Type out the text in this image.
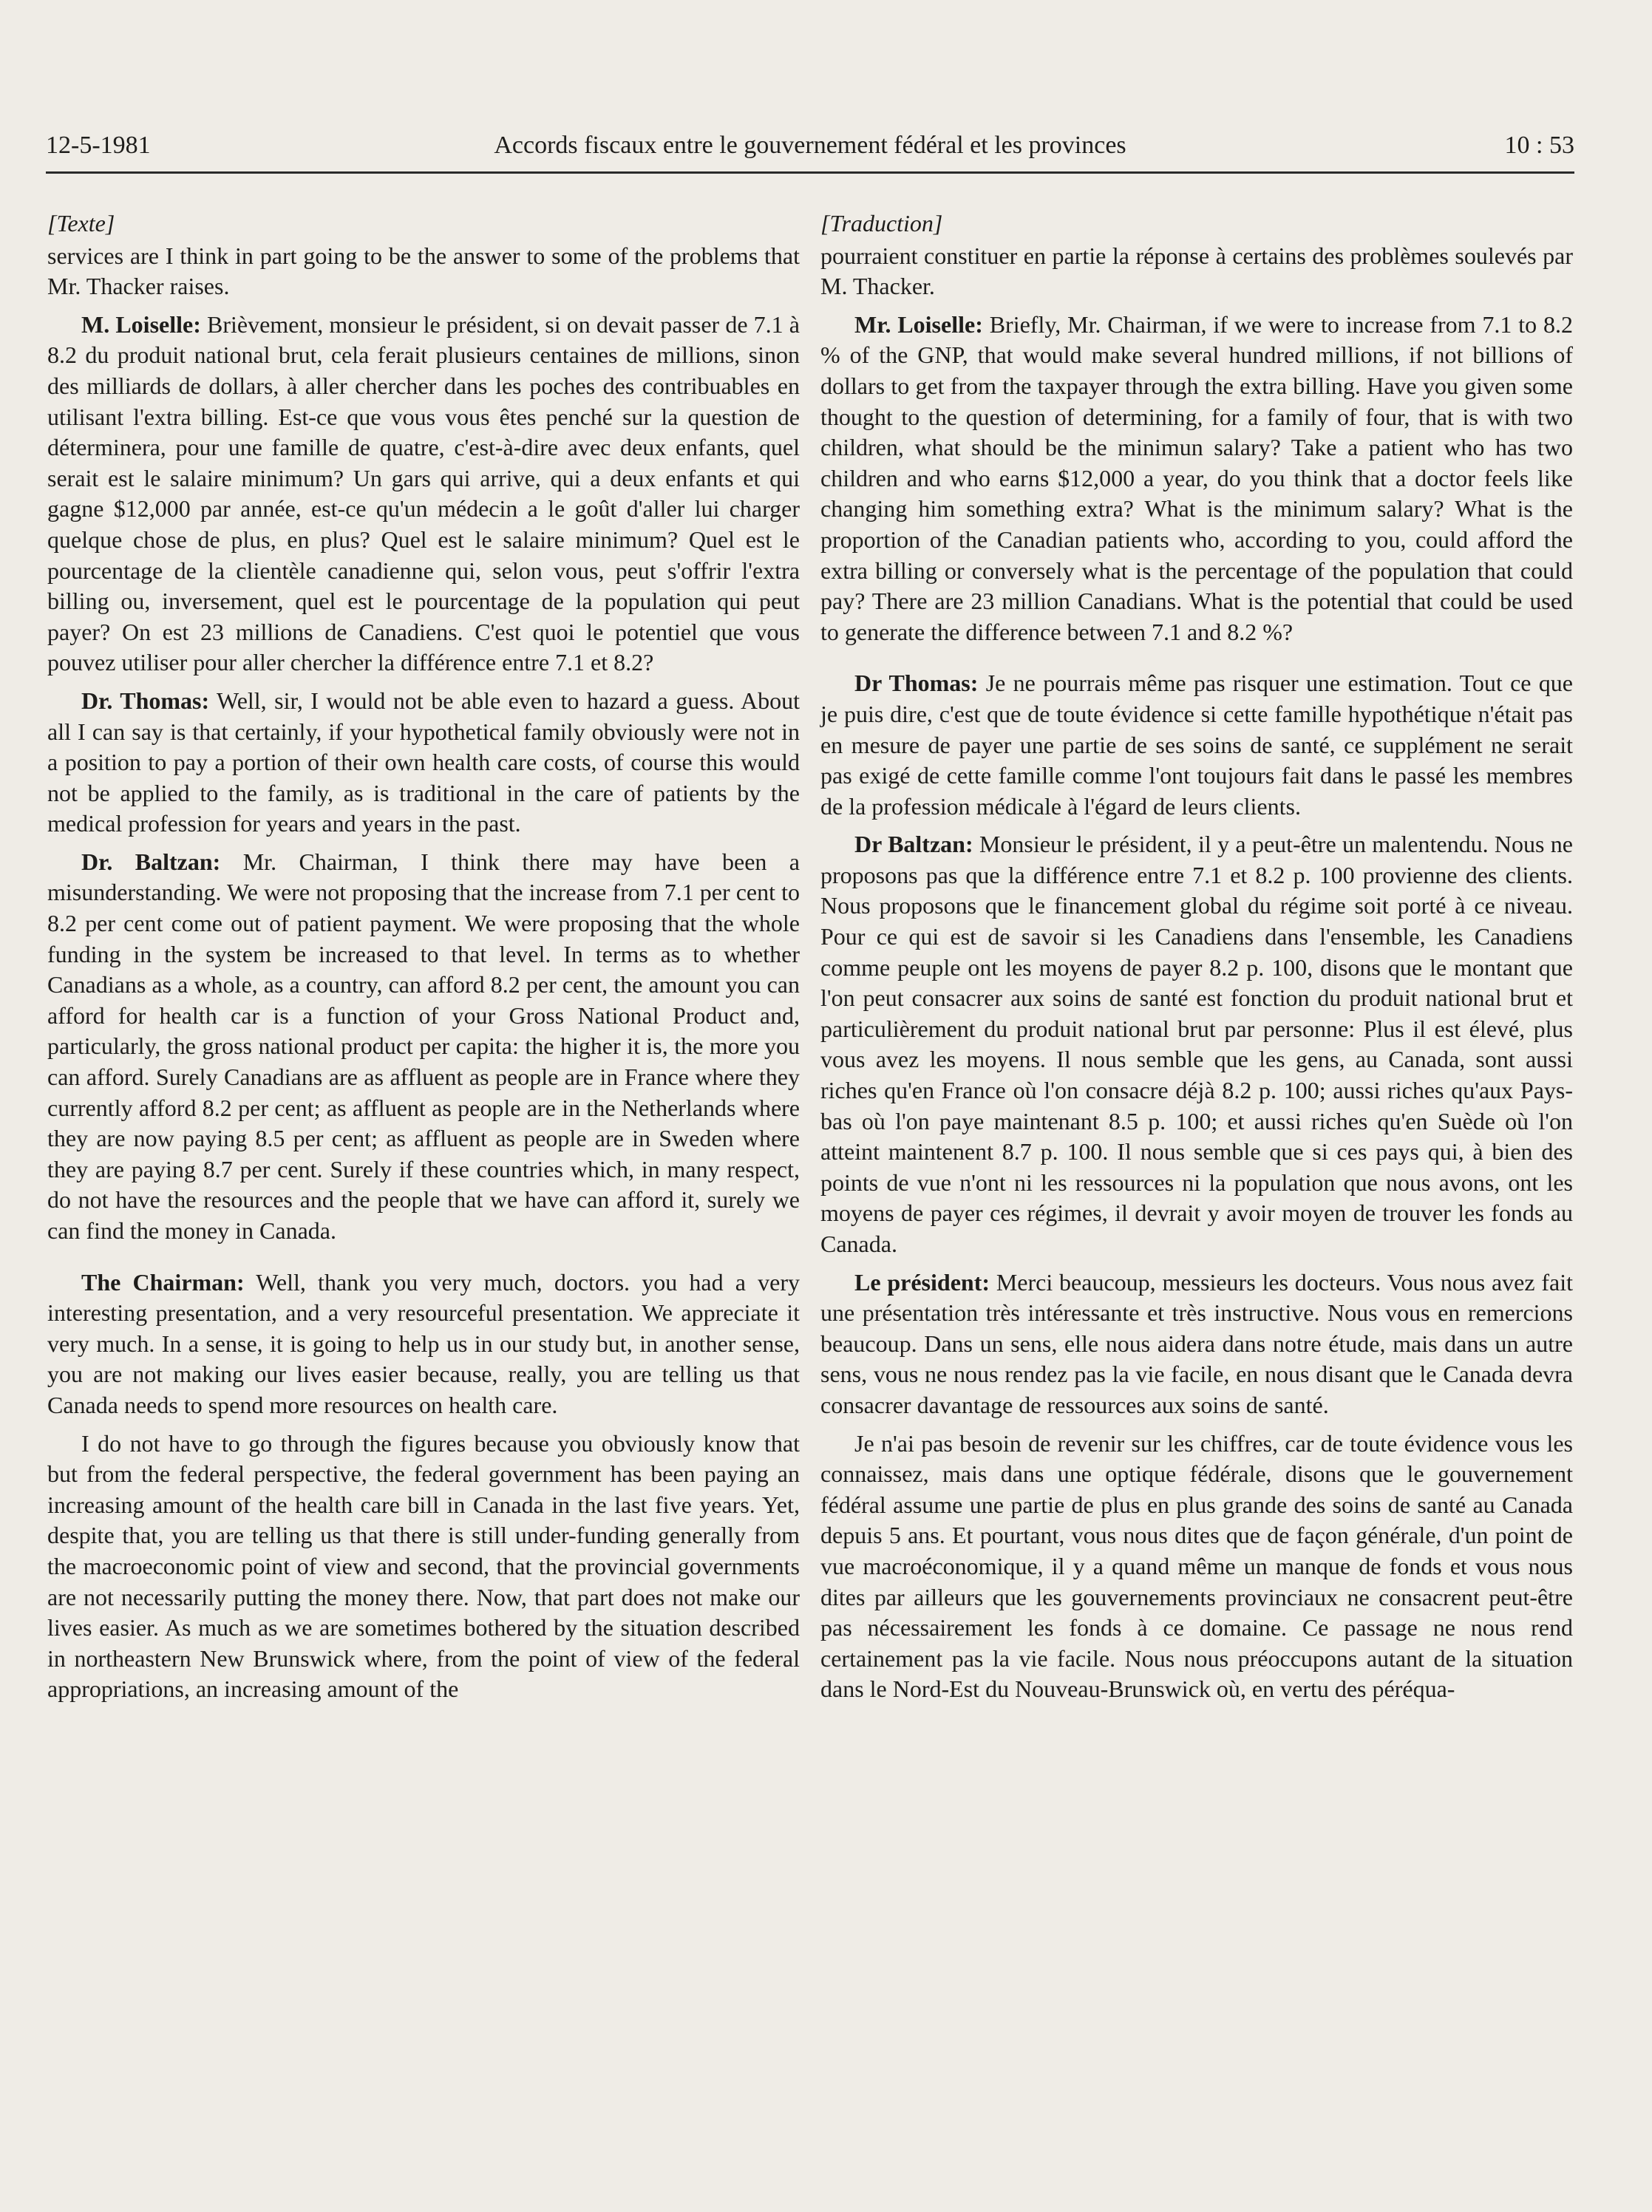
12-5-1981	Accords fiscaux entre le gouvernement fédéral et les provinces	10 : 53
[Texte]

services are I think in part going to be the answer to some of the problems that Mr. Thacker raises.

M. Loiselle: Brièvement, monsieur le président, si on devait passer de 7.1 à 8.2 du produit national brut, cela ferait plusieurs centaines de millions, sinon des milliards de dollars, à aller chercher dans les poches des contribuables en utilisant l'extra billing. Est-ce que vous vous êtes penché sur la question de déterminera, pour une famille de quatre, c'est-à-dire avec deux enfants, quel serait est le salaire minimum? Un gars qui arrive, qui a deux enfants et qui gagne $12,000 par année, est-ce qu'un médecin a le goût d'aller lui charger quelque chose de plus, en plus? Quel est le salaire minimum? Quel est le pourcentage de la clientèle canadienne qui, selon vous, peut s'offrir l'extra billing ou, inversement, quel est le pourcentage de la population qui peut payer? On est 23 millions de Canadiens. C'est quoi le potentiel que vous pouvez utiliser pour aller chercher la différence entre 7.1 et 8.2?

Dr. Thomas: Well, sir, I would not be able even to hazard a guess. About all I can say is that certainly, if your hypothetical family obviously were not in a position to pay a portion of their own health care costs, of course this would not be applied to the family, as is traditional in the care of patients by the medical profession for years and years in the past.

Dr. Baltzan: Mr. Chairman, I think there may have been a misunderstanding. We were not proposing that the increase from 7.1 per cent to 8.2 per cent come out of patient payment. We were proposing that the whole funding in the system be increased to that level. In terms as to whether Canadians as a whole, as a country, can afford 8.2 per cent, the amount you can afford for health car is a function of your Gross National Product and, particularly, the gross national product per capita: the higher it is, the more you can afford. Surely Canadians are as affluent as people are in France where they currently afford 8.2 per cent; as affluent as people are in the Netherlands where they are now paying 8.5 per cent; as affluent as people are in Sweden where they are paying 8.7 per cent. Surely if these countries which, in many respect, do not have the resources and the people that we have can afford it, surely we can find the money in Canada.

The Chairman: Well, thank you very much, doctors. you had a very interesting presentation, and a very resourceful presentation. We appreciate it very much. In a sense, it is going to help us in our study but, in another sense, you are not making our lives easier because, really, you are telling us that Canada needs to spend more resources on health care.

I do not have to go through the figures because you obviously know that but from the federal perspective, the federal government has been paying an increasing amount of the health care bill in Canada in the last five years. Yet, despite that, you are telling us that there is still under-funding generally from the macroeconomic point of view and second, that the provincial governments are not necessarily putting the money there. Now, that part does not make our lives easier. As much as we are sometimes bothered by the situation described in northeastern New Brunswick where, from the point of view of the federal appropriations, an increasing amount of the

[Traduction]

pourraient constituer en partie la réponse à certains des problèmes soulevés par M. Thacker.

Mr. Loiselle: Briefly, Mr. Chairman, if we were to increase from 7.1 to 8.2 % of the GNP, that would make several hundred millions, if not billions of dollars to get from the taxpayer through the extra billing. Have you given some thought to the question of determining, for a family of four, that is with two children, what should be the minimun salary? Take a patient who has two children and who earns $12,000 a year, do you think that a doctor feels like changing him something extra? What is the minimum salary? What is the proportion of the Canadian patients who, according to you, could afford the extra billing or conversely what is the percentage of the population that could pay? There are 23 million Canadians. What is the potential that could be used to generate the difference between 7.1 and 8.2 %?

Dr Thomas: Je ne pourrais même pas risquer une estimation. Tout ce que je puis dire, c'est que de toute évidence si cette famille hypothétique n'était pas en mesure de payer une partie de ses soins de santé, ce supplément ne serait pas exigé de cette famille comme l'ont toujours fait dans le passé les membres de la profession médicale à l'égard de leurs clients.

Dr Baltzan: Monsieur le président, il y a peut-être un malentendu. Nous ne proposons pas que la différence entre 7.1 et 8.2 p. 100 provienne des clients. Nous proposons que le financement global du régime soit porté à ce niveau. Pour ce qui est de savoir si les Canadiens dans l'ensemble, les Canadiens comme peuple ont les moyens de payer 8.2 p. 100, disons que le montant que l'on peut consacrer aux soins de santé est fonction du produit national brut et particulièrement du produit national brut par personne: Plus il est élevé, plus vous avez les moyens. Il nous semble que les gens, au Canada, sont aussi riches qu'en France où l'on consacre déjà 8.2 p. 100; aussi riches qu'aux Pays-bas où l'on paye maintenant 8.5 p. 100; et aussi riches qu'en Suède où l'on atteint maintenent 8.7 p. 100. Il nous semble que si ces pays qui, à bien des points de vue n'ont ni les ressources ni la population que nous avons, ont les moyens de payer ces régimes, il devrait y avoir moyen de trouver les fonds au Canada.

Le président: Merci beaucoup, messieurs les docteurs. Vous nous avez fait une présentation très intéressante et très instructive. Nous vous en remercions beaucoup. Dans un sens, elle nous aidera dans notre étude, mais dans un autre sens, vous ne nous rendez pas la vie facile, en nous disant que le Canada devra consacrer davantage de ressources aux soins de santé.

Je n'ai pas besoin de revenir sur les chiffres, car de toute évidence vous les connaissez, mais dans une optique fédérale, disons que le gouvernement fédéral assume une partie de plus en plus grande des soins de santé au Canada depuis 5 ans. Et pourtant, vous nous dites que de façon générale, d'un point de vue macroéconomique, il y a quand même un manque de fonds et vous nous dites par ailleurs que les gouvernements provinciaux ne consacrent peut-être pas nécessairement les fonds à ce domaine. Ce passage ne nous rend certainement pas la vie facile. Nous nous préoccupons autant de la situation dans le Nord-Est du Nouveau-Brunswick où, en vertu des péréqua-
